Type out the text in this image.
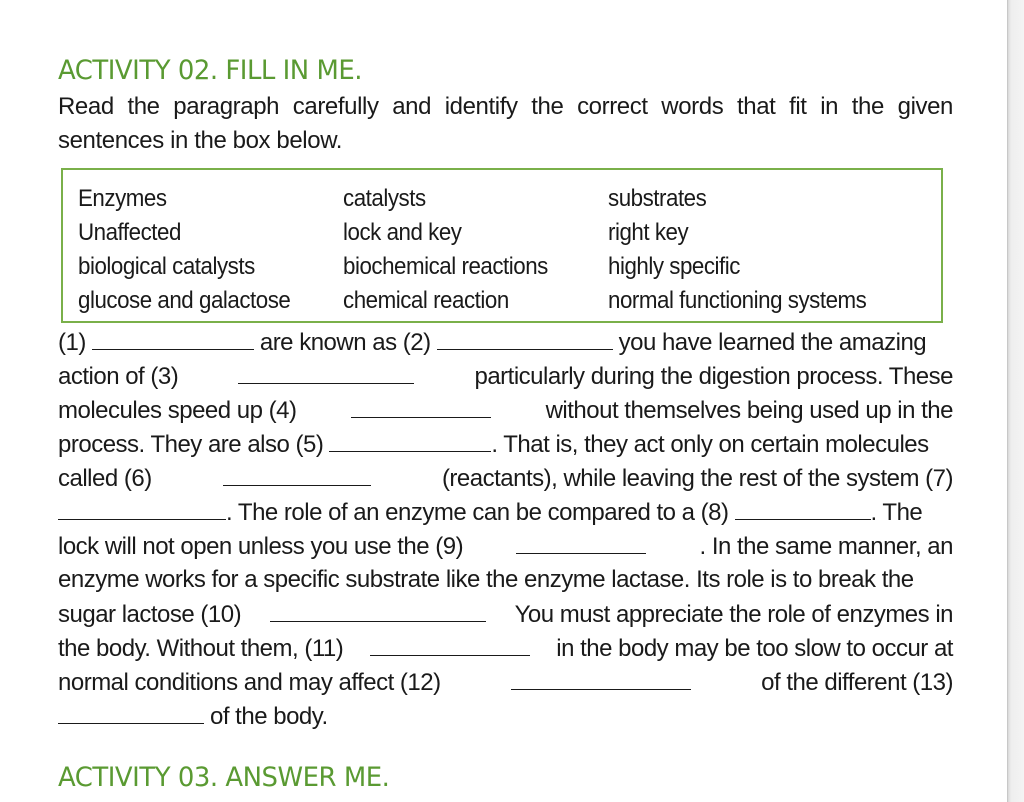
ACTIVITY 02. FILL IN ME.
Read the paragraph carefully and identify the correct words that fit in the given sentences in the box below.
Enzymes	catalysts	substrates
Unaffected	lock and key	right key
biological catalysts	biochemical reactions	highly specific
glucose and galactose	chemical reaction	normal functioning systems
(1)	are known as (2)	you have learned the amazing
action of (3)	particularly during the digestion process. These
molecules speed up (4)	without themselves being used up in the
process. They are also (5)	. That is, they act only on certain molecules
called (6)	(reactants), while leaving the rest of the system (7)
. The role of an enzyme can be compared to a (8)	. The
lock will not open unless you use the (9)	. In the same manner, an
enzyme works for a specific substrate like the enzyme lactase. Its role is to break the
sugar lactose (10)	You must appreciate the role of enzymes in
the body. Without them, (11)	in the body may be too slow to occur at
normal conditions and may affect (12)	of the different (13)
of the body.
ACTIVITY 03. ANSWER ME.
